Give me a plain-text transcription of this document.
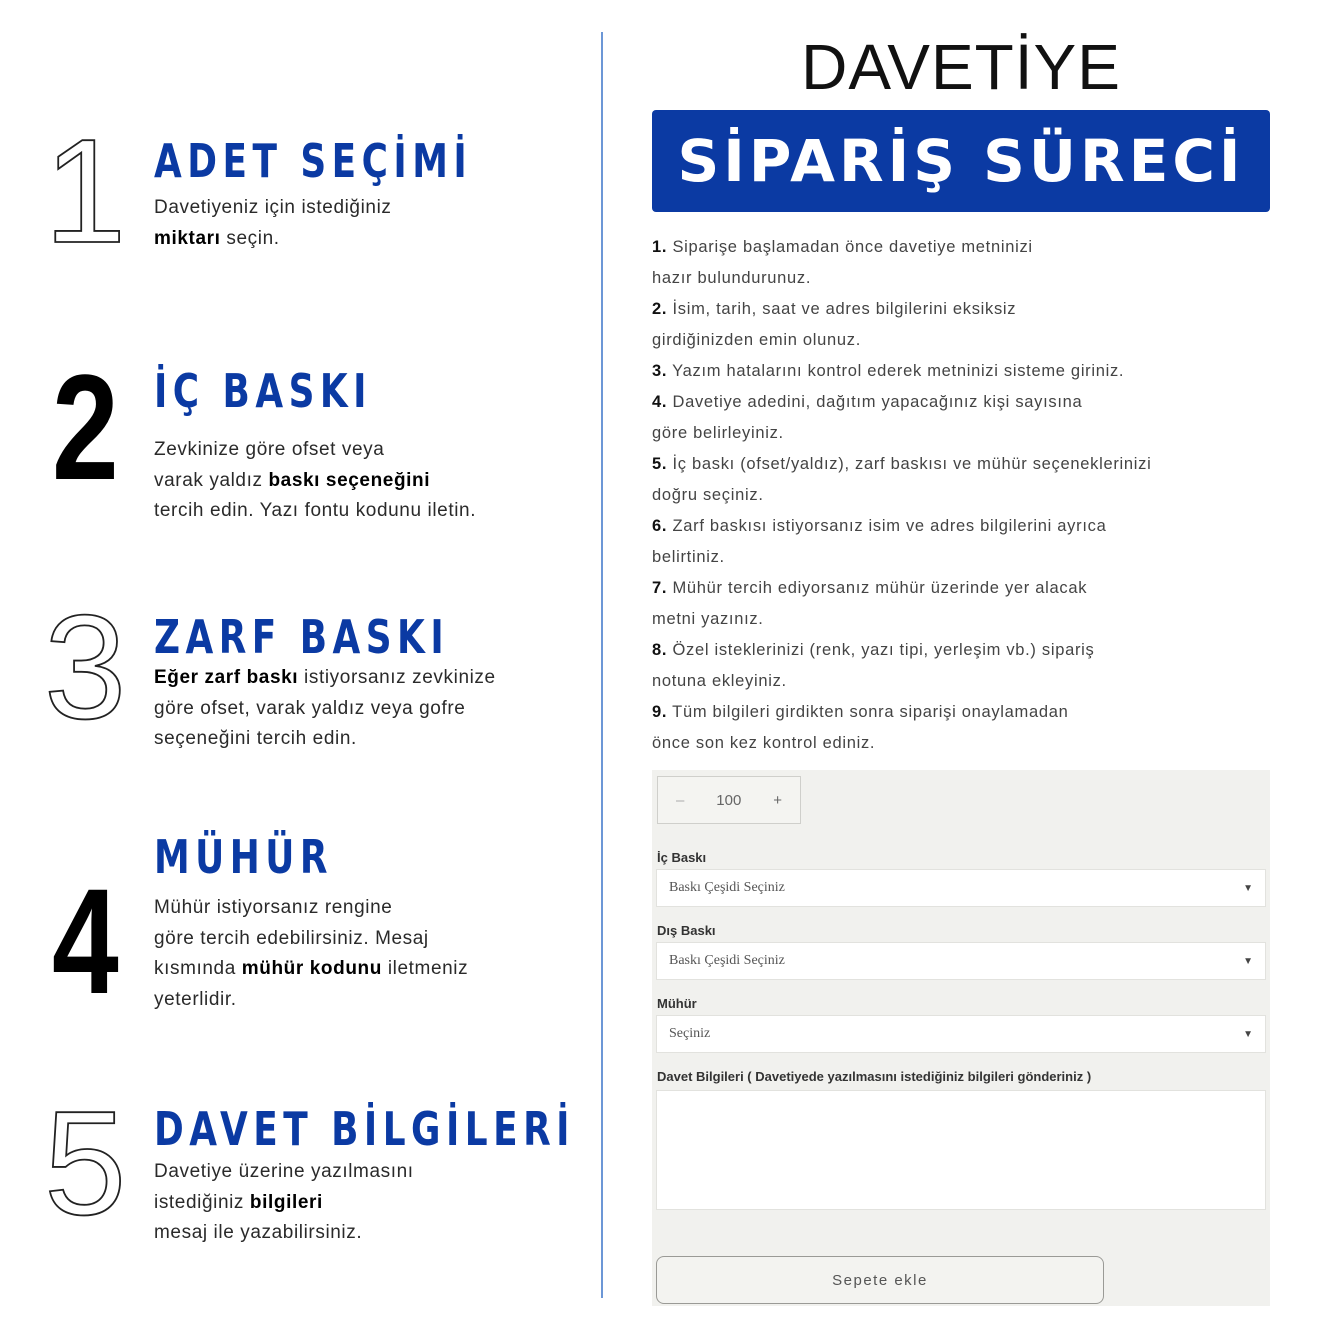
1 ADET SEÇİMİ
Davetiyeniz için istediğiniz
miktarı seçin.
2 İÇ BASKI
Zevkinize göre ofset veya
varak yaldız baskı seçeneğini
tercih edin. Yazı fontu kodunu iletin.
3 ZARF BASKI
Eğer zarf baskı istiyorsanız zevkinize
göre ofset, varak yaldız veya gofre
seçeneğini tercih edin.
4 MÜHÜR
Mühür istiyorsanız rengine
göre tercih edebilirsiniz. Mesaj
kısmında mühür kodunu iletmeniz
yeterlidir.
5 DAVET BİLGİLERİ
Davetiye üzerine yazılmasını
istediğiniz bilgileri
mesaj ile yazabilirsiniz.
DAVETİYE
SİPARİŞ SÜRECİ
1. Siparişe başlamadan önce davetiye metninizi
hazır bulundurunuz.
2. İsim, tarih, saat ve adres bilgilerini eksiksiz
girdiğinizden emin olunuz.
3. Yazım hatalarını kontrol ederek metninizi sisteme giriniz.
4. Davetiye adedini, dağıtım yapacağınız kişi sayısına
göre belirleyiniz.
5. İç baskı (ofset/yaldız), zarf baskısı ve mühür seçeneklerinizi
doğru seçiniz.
6. Zarf baskısı istiyorsanız isim ve adres bilgilerini ayrıca
belirtiniz.
7. Mühür tercih ediyorsanız mühür üzerinde yer alacak
metni yazınız.
8. Özel isteklerinizi (renk, yazı tipi, yerleşim vb.) sipariş
notuna ekleyiniz.
9. Tüm bilgileri girdikten sonra siparişi onaylamadan
önce son kez kontrol ediniz.
– 100 +
İç Baskı
Baskı Çeşidi Seçiniz	▼
Dış Baskı
Baskı Çeşidi Seçiniz	▼
Mühür
Seçiniz	▼
Davet Bilgileri ( Davetiyede yazılmasını istediğiniz bilgileri gönderiniz )
Sepete ekle
